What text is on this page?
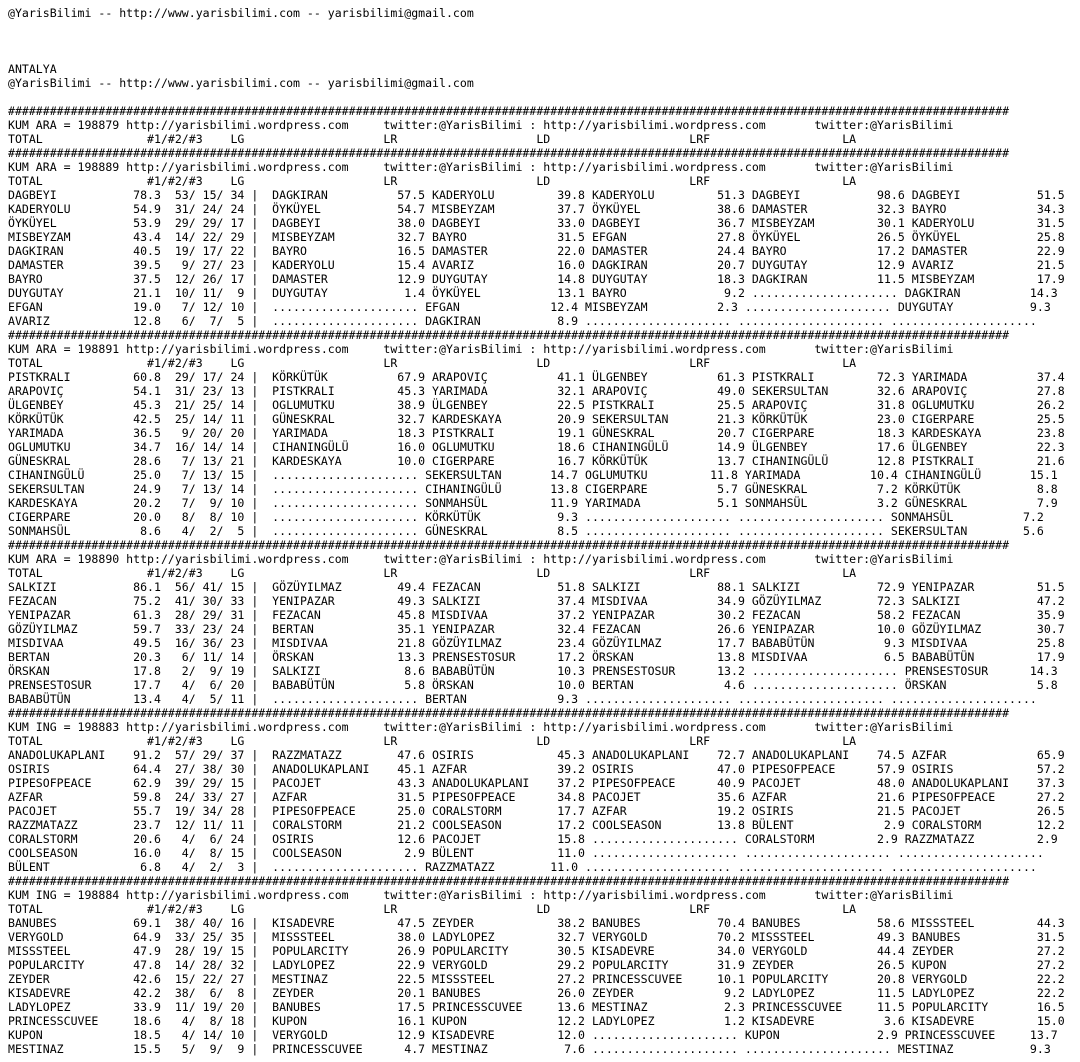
@YarisBilimi -- http://www.yarisbilimi.com -- yarisbilimi@gmail.com

ANTALYA
@YarisBilimi -- http://www.yarisbilimi.com -- yarisbilimi@gmail.com

################################################################################################################################################
KUM ARA = 198879 http://yarisbilimi.wordpress.com     twitter:@YarisBilimi : http://yarisbilimi.wordpress.com       twitter:@YarisBilimi
TOTAL               #1/#2/#3    LG                    LR                    LD                    LRF                   LA
################################################################################################################################################
KUM ARA = 198889 http://yarisbilimi.wordpress.com     twitter:@YarisBilimi : http://yarisbilimi.wordpress.com       twitter:@YarisBilimi
TOTAL               #1/#2/#3    LG                    LR                    LD                    LRF                   LA
DAGBEYI           78.3  53/ 15/ 34 |  DAGKIRAN          57.5 KADERYOLU         39.8 KADERYOLU         51.3 DAGBEYI           98.6 DAGBEYI           51.5
KADERYOLU         54.9  31/ 24/ 24 |  ÖYKÜYEL           54.7 MISBEYZAM         37.7 ÖYKÜYEL           38.6 DAMASTER          32.3 BAYRO             34.3
ÖYKÜYEL           53.9  29/ 29/ 17 |  DAGBEYI           38.0 DAGBEYI           33.0 DAGBEYI           36.7 MISBEYZAM         30.1 KADERYOLU         31.5
MISBEYZAM         43.4  14/ 22/ 29 |  MISBEYZAM         32.7 BAYRO             31.5 EFGAN             27.8 ÖYKÜYEL           26.5 ÖYKÜYEL           25.8
DAGKIRAN          40.5  19/ 17/ 22 |  BAYRO             16.5 DAMASTER          22.0 DAMASTER          24.4 BAYRO             17.2 DAMASTER          22.9
DAMASTER          39.5   9/ 27/ 23 |  KADERYOLU         15.4 AVARIZ            16.0 DAGKIRAN          20.7 DUYGUTAY          12.9 AVARIZ            21.5
BAYRO             37.5  12/ 26/ 17 |  DAMASTER          12.9 DUYGUTAY          14.8 DUYGUTAY          18.3 DAGKIRAN          11.5 MISBEYZAM         17.9
DUYGUTAY          21.1  10/ 11/  9 |  DUYGUTAY           1.4 ÖYKÜYEL           13.1 BAYRO              9.2 ..................... DAGKIRAN          14.3
EFGAN             19.0   7/ 12/ 10 |  ..................... EFGAN             12.4 MISBEYZAM          2.3 ..................... DUYGUTAY           9.3
AVARIZ            12.8   6/  7/  5 |  ..................... DAGKIRAN           8.9 ..................... ..................... .....................
################################################################################################################################################
KUM ARA = 198891 http://yarisbilimi.wordpress.com     twitter:@YarisBilimi : http://yarisbilimi.wordpress.com       twitter:@YarisBilimi
TOTAL               #1/#2/#3    LG                    LR                    LD                    LRF                   LA
PISTKRALI         60.8  29/ 17/ 24 |  KÖRKÜTÜK          67.9 ARAPOVIÇ          41.1 ÜLGENBEY          61.3 PISTKRALI         72.3 YARIMADA          37.4
ARAPOVIÇ          54.1  31/ 23/ 13 |  PISTKRALI         45.3 YARIMADA          32.1 ARAPOVIÇ          49.0 SEKERSULTAN       32.6 ARAPOVIÇ          27.8
ÜLGENBEY          45.3  21/ 25/ 14 |  OGLUMUTKU         38.9 ÜLGENBEY          22.5 PISTKRALI         25.5 ARAPOVIÇ          31.8 OGLUMUTKU         26.2
KÖRKÜTÜK          42.5  25/ 14/ 11 |  GÜNESKRAL         32.7 KARDESKAYA        20.9 SEKERSULTAN       21.3 KÖRKÜTÜK          23.0 CIGERPARE         25.5
YARIMADA          36.5   9/ 20/ 20 |  YARIMADA          18.3 PISTKRALI         19.1 GÜNESKRAL         20.7 CIGERPARE         18.3 KARDESKAYA        23.8
OGLUMUTKU         34.7  16/ 14/ 14 |  CIHANINGÜLÜ       16.0 OGLUMUTKU         18.6 CIHANINGÜLÜ       14.9 ÜLGENBEY          17.6 ÜLGENBEY          22.3
GÜNESKRAL         28.6   7/ 13/ 21 |  KARDESKAYA        10.0 CIGERPARE         16.7 KÖRKÜTÜK          13.7 CIHANINGÜLÜ       12.8 PISTKRALI         21.6
CIHANINGÜLÜ       25.0   7/ 13/ 15 |  ..................... SEKERSULTAN       14.7 OGLUMUTKU         11.8 YARIMADA          10.4 CIHANINGÜLÜ       15.1
SEKERSULTAN       24.9   7/ 13/ 14 |  ..................... CIHANINGÜLÜ       13.8 CIGERPARE          5.7 GÜNESKRAL          7.2 KÖRKÜTÜK           8.8
KARDESKAYA        20.2   7/  9/ 10 |  ..................... SONMAHSÜL         11.9 YARIMADA           5.1 SONMAHSÜL          3.2 GÜNESKRAL          7.9
CIGERPARE         20.0   8/  8/ 10 |  ..................... KÖRKÜTÜK           9.3 ..................... ..................... SONMAHSÜL          7.2
SONMAHSÜL          8.6   4/  2/  5 |  ..................... GÜNESKRAL          8.5 ..................... ..................... SEKERSULTAN        5.6
################################################################################################################################################
KUM ARA = 198890 http://yarisbilimi.wordpress.com     twitter:@YarisBilimi : http://yarisbilimi.wordpress.com       twitter:@YarisBilimi
TOTAL               #1/#2/#3    LG                    LR                    LD                    LRF                   LA
SALKIZI           86.1  56/ 41/ 15 |  GÖZÜYILMAZ        49.4 FEZACAN           51.8 SALKIZI           88.1 SALKIZI           72.9 YENIPAZAR         51.5
FEZACAN           75.2  41/ 30/ 33 |  YENIPAZAR         49.3 SALKIZI           37.4 MISDIVAA          34.9 GÖZÜYILMAZ        72.3 SALKIZI           47.2
YENIPAZAR         61.3  28/ 29/ 31 |  FEZACAN           45.8 MISDIVAA          37.2 YENIPAZAR         30.2 FEZACAN           58.2 FEZACAN           35.9
GÖZÜYILMAZ        59.7  33/ 23/ 24 |  BERTAN            35.1 YENIPAZAR         32.4 FEZACAN           26.6 YENIPAZAR         10.0 GÖZÜYILMAZ        30.7
MISDIVAA          49.5  16/ 36/ 23 |  MISDIVAA          21.8 GÖZÜYILMAZ        23.4 GÖZÜYILMAZ        17.7 BABABÜTÜN          9.3 MISDIVAA          25.8
BERTAN            20.3   6/ 11/ 14 |  ÖRSKAN            13.3 PRENSESTOSUR      17.2 ÖRSKAN            13.8 MISDIVAA           6.5 BABABÜTÜN         17.9
ÖRSKAN            17.8   2/  9/ 19 |  SALKIZI            8.6 BABABÜTÜN         10.3 PRENSESTOSUR      13.2 ..................... PRENSESTOSUR      14.3
PRENSESTOSUR      17.7   4/  6/ 20 |  BABABÜTÜN          5.8 ÖRSKAN            10.0 BERTAN             4.6 ..................... ÖRSKAN             5.8
BABABÜTÜN         13.4   4/  5/ 11 |  ..................... BERTAN             9.3 ..................... ..................... .....................
################################################################################################################################################
KUM ING = 198883 http://yarisbilimi.wordpress.com     twitter:@YarisBilimi : http://yarisbilimi.wordpress.com       twitter:@YarisBilimi
TOTAL               #1/#2/#3    LG                    LR                    LD                    LRF                   LA
ANADOLUKAPLANI    91.2  57/ 29/ 37 |  RAZZMATAZZ        47.6 OSIRIS            45.3 ANADOLUKAPLANI    72.7 ANADOLUKAPLANI    74.5 AZFAR             65.9
OSIRIS            64.4  27/ 38/ 30 |  ANADOLUKAPLANI    45.1 AZFAR             39.2 OSIRIS            47.0 PIPESOFPEACE      57.9 OSIRIS            57.2
PIPESOFPEACE      62.9  39/ 29/ 15 |  PACOJET           43.3 ANADOLUKAPLANI    37.2 PIPESOFPEACE      40.9 PACOJET           48.0 ANADOLUKAPLANI    37.3
AZFAR             59.8  24/ 33/ 27 |  AZFAR             31.5 PIPESOFPEACE      34.8 PACOJET           35.6 AZFAR             21.6 PIPESOFPEACE      27.2
PACOJET           55.7  19/ 34/ 28 |  PIPESOFPEACE      25.0 CORALSTORM        17.7 AZFAR             19.2 OSIRIS            21.5 PACOJET           26.5
RAZZMATAZZ        23.7  12/ 11/ 11 |  CORALSTORM        21.2 COOLSEASON        17.2 COOLSEASON        13.8 BÜLENT             2.9 CORALSTORM        12.2
CORALSTORM        20.6   4/  6/ 24 |  OSIRIS            12.6 PACOJET           15.8 ..................... CORALSTORM         2.9 RAZZMATAZZ         2.9
COOLSEASON        16.0   4/  8/ 15 |  COOLSEASON         2.9 BÜLENT            11.0 ..................... ..................... .....................
BÜLENT             6.8   4/  2/  3 |  ..................... RAZZMATAZZ        11.0 ..................... ..................... .....................
################################################################################################################################################
KUM ING = 198884 http://yarisbilimi.wordpress.com     twitter:@YarisBilimi : http://yarisbilimi.wordpress.com       twitter:@YarisBilimi
TOTAL               #1/#2/#3    LG                    LR                    LD                    LRF                   LA
BANUBES           69.1  38/ 40/ 16 |  KISADEVRE         47.5 ZEYDER            38.2 BANUBES           70.4 BANUBES           58.6 MISSSTEEL         44.3
VERYGOLD          64.9  33/ 25/ 35 |  MISSSTEEL         38.0 LADYLOPEZ         32.7 VERYGOLD          70.2 MISSSTEEL         49.3 BANUBES           31.5
MISSSTEEL         47.9  28/ 19/ 15 |  POPULARCITY       26.9 POPULARCITY       30.5 KISADEVRE         34.0 VERYGOLD          44.4 ZEYDER            27.2
POPULARCITY       47.8  14/ 28/ 32 |  LADYLOPEZ         22.9 VERYGOLD          29.2 POPULARCITY       31.9 ZEYDER            26.5 KUPON             27.2
ZEYDER            42.6  15/ 22/ 27 |  MESTINAZ          22.5 MISSSTEEL         27.2 PRINCESSCUVEE     10.1 POPULARCITY       20.8 VERYGOLD          22.2
KISADEVRE         42.2  38/  6/  8 |  ZEYDER            20.1 BANUBES           26.0 ZEYDER             9.2 LADYLOPEZ         11.5 LADYLOPEZ         22.2
LADYLOPEZ         33.9  11/ 19/ 20 |  BANUBES           17.5 PRINCESSCUVEE     13.6 MESTINAZ           2.3 PRINCESSCUVEE     11.5 POPULARCITY       16.5
PRINCESSCUVEE     18.6   4/  8/ 18 |  KUPON             16.1 KUPON             12.2 LADYLOPEZ          1.2 KISADEVRE          3.6 KISADEVRE         15.0
KUPON             18.5   4/ 14/ 10 |  VERYGOLD          12.9 KISADEVRE         12.0 ..................... KUPON              2.9 PRINCESSCUVEE     13.7
MESTINAZ          15.5   5/  9/  9 |  PRINCESSCUVEE      4.7 MESTINAZ           7.6 ..................... ..................... MESTINAZ           9.3
